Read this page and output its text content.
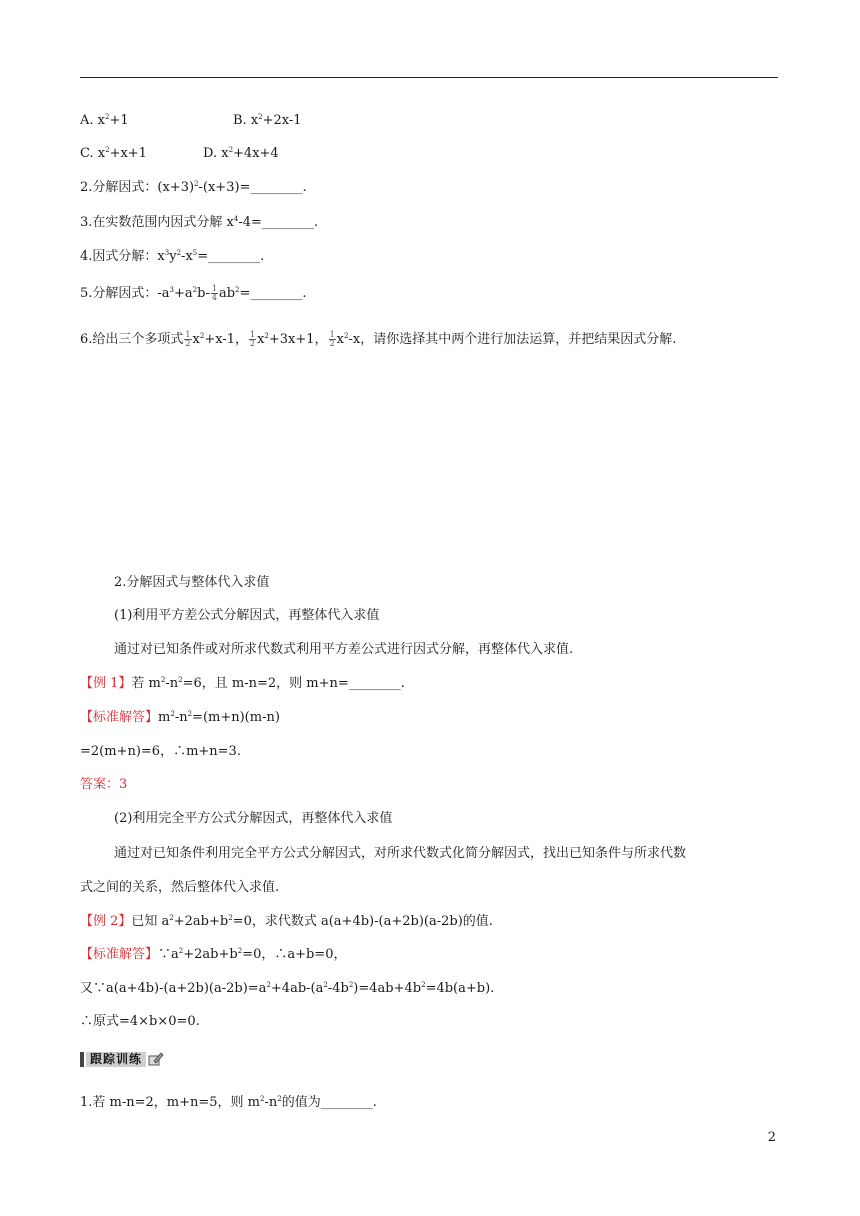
A. $x^2+1$	B. $x^2+2x-1$
C. $x^2+x+1$	D. $x^2+4x+4$
2.分解因式：$(x+3)^2-(x+3)=\_\_\_\_\_\_\_\_$.
3.在实数范围内因式分解 $x^4-4=\_\_\_\_\_\_\_\_$.
4.因式分解：$x^3y^2-x^5=\_\_\_\_\_\_\_\_$.
5.分解因式：$-a^3+a^2b- \frac{1}{4}$ $ab^2=\_\_\_\_\_\_\_\_$.
6.给出三个多项式 $\frac{1}{2} x^2+x-1$， $\frac{1}{2} x^2+3x+1$， $\frac{1}{2} x^2-x$，请你选择其中两个进行加法运算，并把结果因式分解.
2.分解因式与整体代入求值
(1)利用平方差公式分解因式，再整体代入求值
通过对已知条件或对所求代数式利用平方差公式进行因式分解，再整体代入求值.
【例 1】若 $m^2-n^2=6$，且 m-n=2，则 m+n=________.
【标准解答】$m^2-n^2=(m+n)(m-n)$
=2(m+n)=6，∴m+n=3.
答案：3
(2)利用完全平方公式分解因式，再整体代入求值
通过对已知条件利用完全平方公式分解因式，对所求代数式化简分解因式，找出已知条件与所求代数
式之间的关系，然后整体代入求值.
【例 2】已知 $a^2+2ab+b^2=0$，求代数式 a(a+4b)-(a+2b)(a-2b)的值.
【标准解答】$\because a^2+2ab+b^2=0$，∴a+b=0，
又$\because a(a+4b)-(a+2b)(a-2b)=a^2+4ab-(a^2-4b^2)=4ab+4b^2=4b(a+b)$.
∴原式=4×b×0=0.
跟踪训练
1.若 m-n=2，m+n=5，则 $m^2-n^2$的值为________.
2
